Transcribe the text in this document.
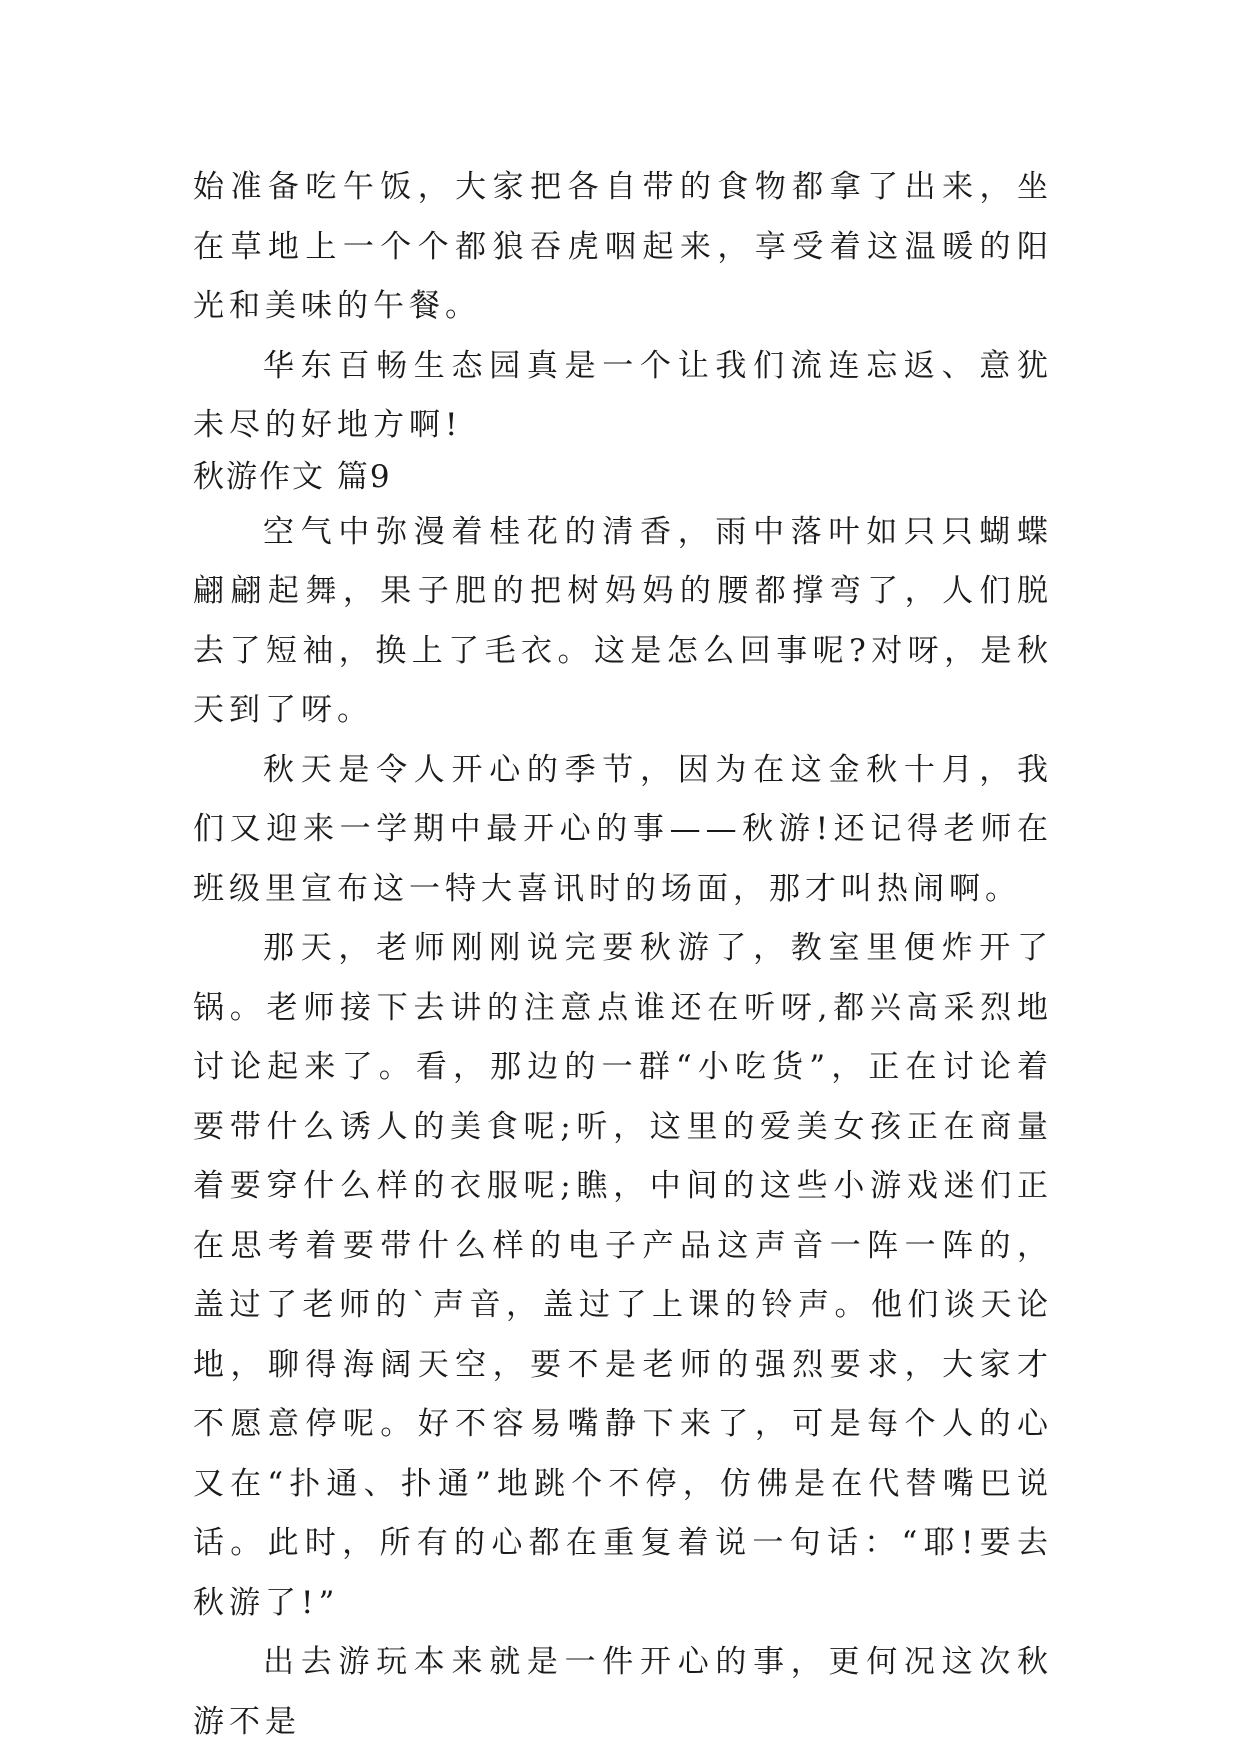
始准备吃午饭，大家把各自带的食物都拿了出来，坐在草地上一个个都狼吞虎咽起来，享受着这温暖的阳光和美味的午餐。

华东百畅生态园真是一个让我们流连忘返、意犹未尽的好地方啊!

秋游作文 篇9

空气中弥漫着桂花的清香，雨中落叶如只只蝴蝶翩翩起舞，果子肥的把树妈妈的腰都撑弯了，人们脱去了短袖，换上了毛衣。这是怎么回事呢?对呀，是秋天到了呀。

秋天是令人开心的季节，因为在这金秋十月，我们又迎来一学期中最开心的事——秋游!还记得老师在班级里宣布这一特大喜讯时的场面，那才叫热闹啊。

那天，老师刚刚说完要秋游了，教室里便炸开了锅。老师接下去讲的注意点谁还在听呀,都兴高采烈地讨论起来了。看，那边的一群“小吃货”，正在讨论着要带什么诱人的美食呢;听，这里的爱美女孩正在商量着要穿什么样的衣服呢;瞧，中间的这些小游戏迷们正在思考着要带什么样的电子产品这声音一阵一阵的，盖过了老师的`声音，盖过了上课的铃声。他们谈天论地，聊得海阔天空，要不是老师的强烈要求，大家才不愿意停呢。好不容易嘴静下来了，可是每个人的心又在“扑通、扑通”地跳个不停，仿佛是在代替嘴巴说话。此时，所有的心都在重复着说一句话：“耶!要去秋游了!”

出去游玩本来就是一件开心的事，更何况这次秋游不是
